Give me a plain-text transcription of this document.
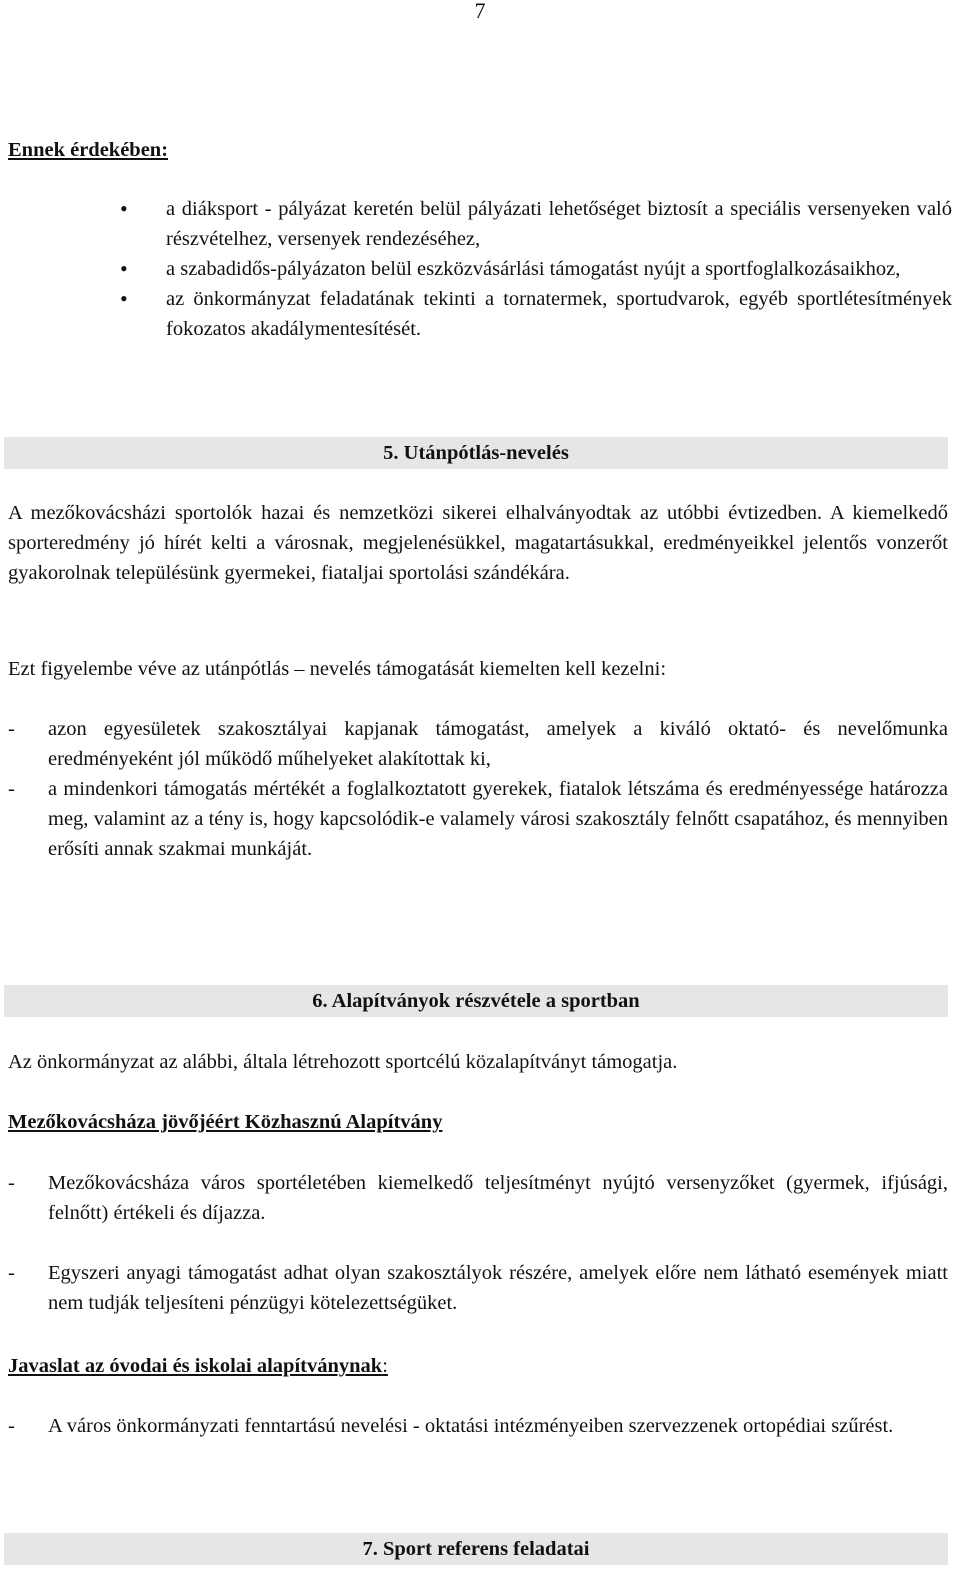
7
Ennek érdekében:
• a diáksport - pályázat keretén belül pályázati lehetőséget biztosít a speciális versenyeken való részvételhez, versenyek rendezéséhez,
• a szabadidős-pályázaton belül eszközvásárlási támogatást nyújt a sportfoglalkozásaikhoz,
• az önkormányzat feladatának tekinti a tornatermek, sportudvarok, egyéb sportlétesítmények fokozatos akadálymentesítését.
5. Utánpótlás-nevelés

A mezőkovácsházi sportolók hazai és nemzetközi sikerei elhalványodtak az utóbbi évtizedben. A kiemelkedő sporteredmény jó hírét kelti a városnak, megjelenésükkel, magatartásukkal, eredményeikkel jelentős vonzerőt gyakorolnak településünk gyermekei, fiataljai sportolási szándékára.

Ezt figyelembe véve az utánpótlás – nevelés támogatását kiemelten kell kezelni:

- azon egyesületek szakosztályai kapjanak támogatást, amelyek a kiváló oktató- és nevelőmunka eredményeként jól működő műhelyeket alakítottak ki,
- a mindenkori támogatás mértékét a foglalkoztatott gyerekek, fiatalok létszáma és eredményessége határozza meg, valamint az a tény is, hogy kapcsolódik-e valamely városi szakosztály felnőtt csapatához, és mennyiben erősíti annak szakmai munkáját.
6. Alapítványok részvétele a sportban

Az önkormányzat az alábbi, általa létrehozott sportcélú közalapítványt támogatja.

Mezőkovácsháza jövőjéért Közhasznú Alapítvány
- Mezőkovácsháza város sportéletében kiemelkedő teljesítményt nyújtó versenyzőket (gyermek, ifjúsági, felnőtt) értékeli és díjazza.
- Egyszeri anyagi támogatást adhat olyan szakosztályok részére, amelyek előre nem látható események miatt nem tudják teljesíteni pénzügyi kötelezettségüket.
Javaslat az óvodai és iskolai alapítványnak:
- A város önkormányzati fenntartású nevelési - oktatási intézményeiben szervezzenek ortopédiai szűrést.
7. Sport referens feladatai
